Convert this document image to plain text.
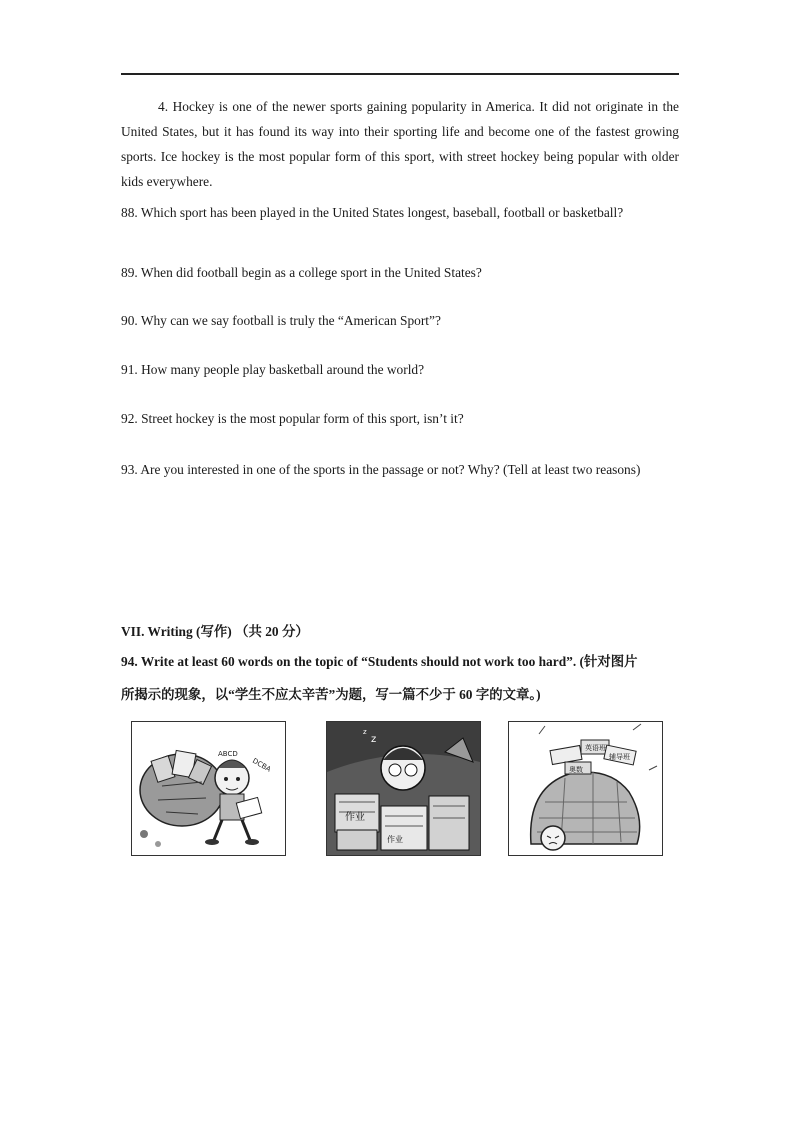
4. Hockey is one of the newer sports gaining popularity in America. It did not originate in the United States, but it has found its way into their sporting life and become one of the fastest growing sports. Ice hockey is the most popular form of this sport, with street hockey being popular with older kids everywhere.

88. Which sport has been played in the United States longest, baseball, football or basketball?

89. When did football begin as a college sport in the United States?

90. Why can we say football is truly the “American Sport”?

91. How many people play basketball around the world?

92. Street hockey is the most popular form of this sport, isn’t it?

93. Are you interested in one of the sports in the passage or not? Why? (Tell at least two reasons)

VII. Writing (写作) （共 20 分）

94. Write at least 60 words on the topic of “Students should not work too hard”. (针对图片

所揭示的现象，以“学生不应太辛苦”为题，写一篇不少于 60 字的文章。)

ABCD
DCBA
z
z
作业
作业
英语班
奥数
辅导班
